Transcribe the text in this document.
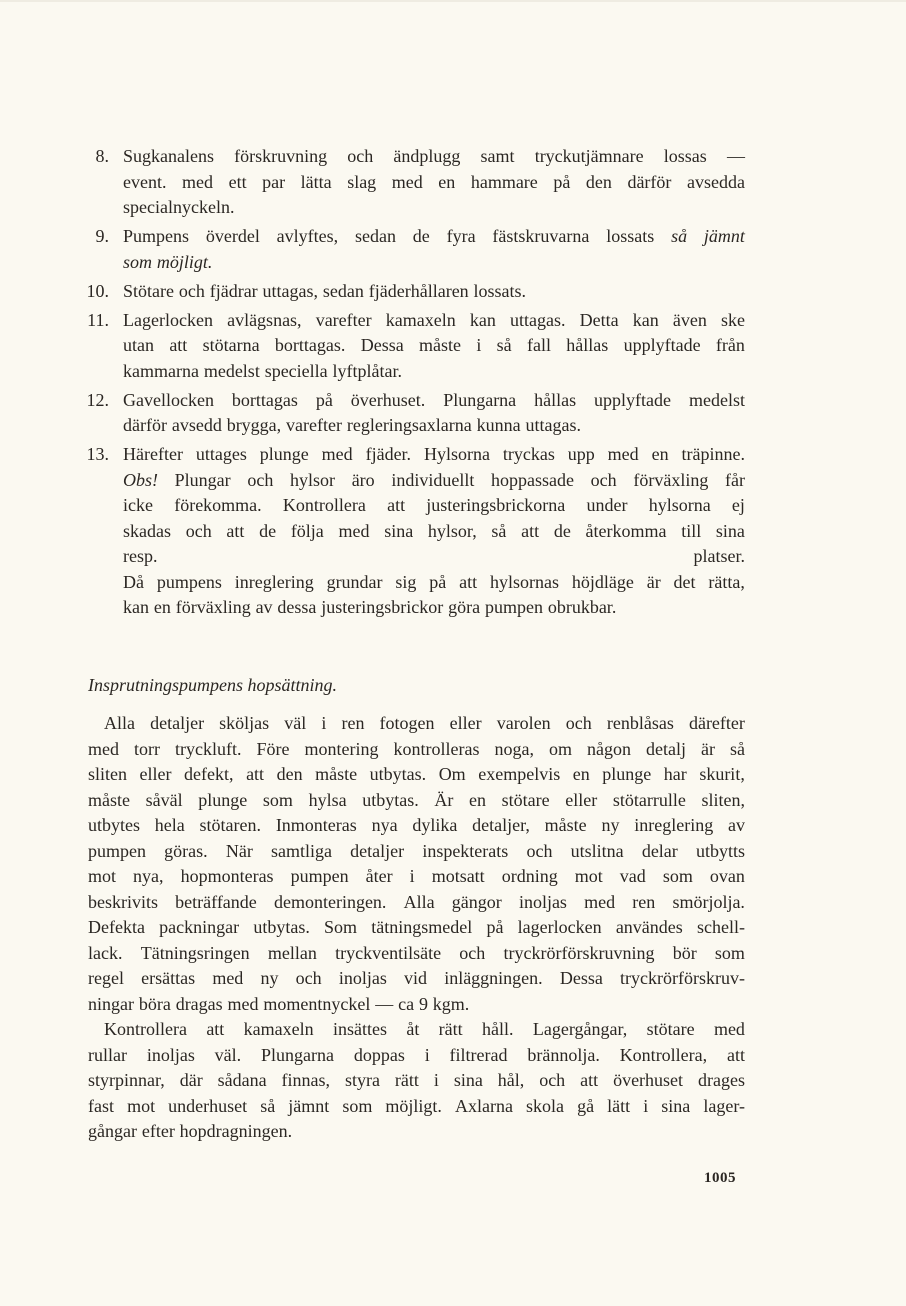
8. Sugkanalens förskruvning och ändplugg samt tryckutjämnare lossas —
event. med ett par lätta slag med en hammare på den därför avsedda
specialnyckeln.
9. Pumpens överdel avlyftes, sedan de fyra fästskruvarna lossats så jämnt
som möjligt.
10. Stötare och fjädrar uttagas, sedan fjäderhållaren lossats.
11. Lagerlocken avlägsnas, varefter kamaxeln kan uttagas. Detta kan även ske
utan att stötarna borttagas. Dessa måste i så fall hållas upplyftade från
kammarna medelst speciella lyftplåtar.
12. Gavellocken borttagas på överhuset. Plungarna hållas upplyftade medelst
därför avsedd brygga, varefter regleringsaxlarna kunna uttagas.
13. Härefter uttages plunge med fjäder. Hylsorna tryckas upp med en träpinne.
Obs! Plungar och hylsor äro individuellt hoppassade och förväxling får
icke förekomma. Kontrollera att justeringsbrickorna under hylsorna ej
skadas och att de följa med sina hylsor, så att de återkomma till sina
resp.	platser.
Då pumpens inreglering grundar sig på att hylsornas höjdläge är det rätta,
kan en förväxling av dessa justeringsbrickor göra pumpen obrukbar.
Insprutningspumpens hopsättning.
Alla detaljer sköljas väl i ren fotogen eller varolen och renblåsas därefter
med torr tryckluft. Före montering kontrolleras noga, om någon detalj är så
sliten eller defekt, att den måste utbytas. Om exempelvis en plunge har skurit,
måste såväl plunge som hylsa utbytas. Är en stötare eller stötarrulle sliten,
utbytes hela stötaren. Inmonteras nya dylika detaljer, måste ny inreglering av
pumpen göras. När samtliga detaljer inspekterats och utslitna delar utbytts
mot nya, hopmonteras pumpen åter i motsatt ordning mot vad som ovan
beskrivits beträffande demonteringen. Alla gängor inoljas med ren smörjolja.
Defekta packningar utbytas. Som tätningsmedel på lagerlocken användes schell-
lack. Tätningsringen mellan tryckventilsäte och tryckrörförskruvning bör som
regel ersättas med ny och inoljas vid inläggningen. Dessa tryckrörförskruv-
ningar böra dragas med momentnyckel — ca 9 kgm.
Kontrollera att kamaxeln insättes åt rätt håll. Lagergångar, stötare med
rullar inoljas väl. Plungarna doppas i filtrerad brännolja. Kontrollera, att
styrpinnar, där sådana finnas, styra rätt i sina hål, och att överhuset drages
fast mot underhuset så jämnt som möjligt. Axlarna skola gå lätt i sina lager-
gångar efter hopdragningen.
1005
